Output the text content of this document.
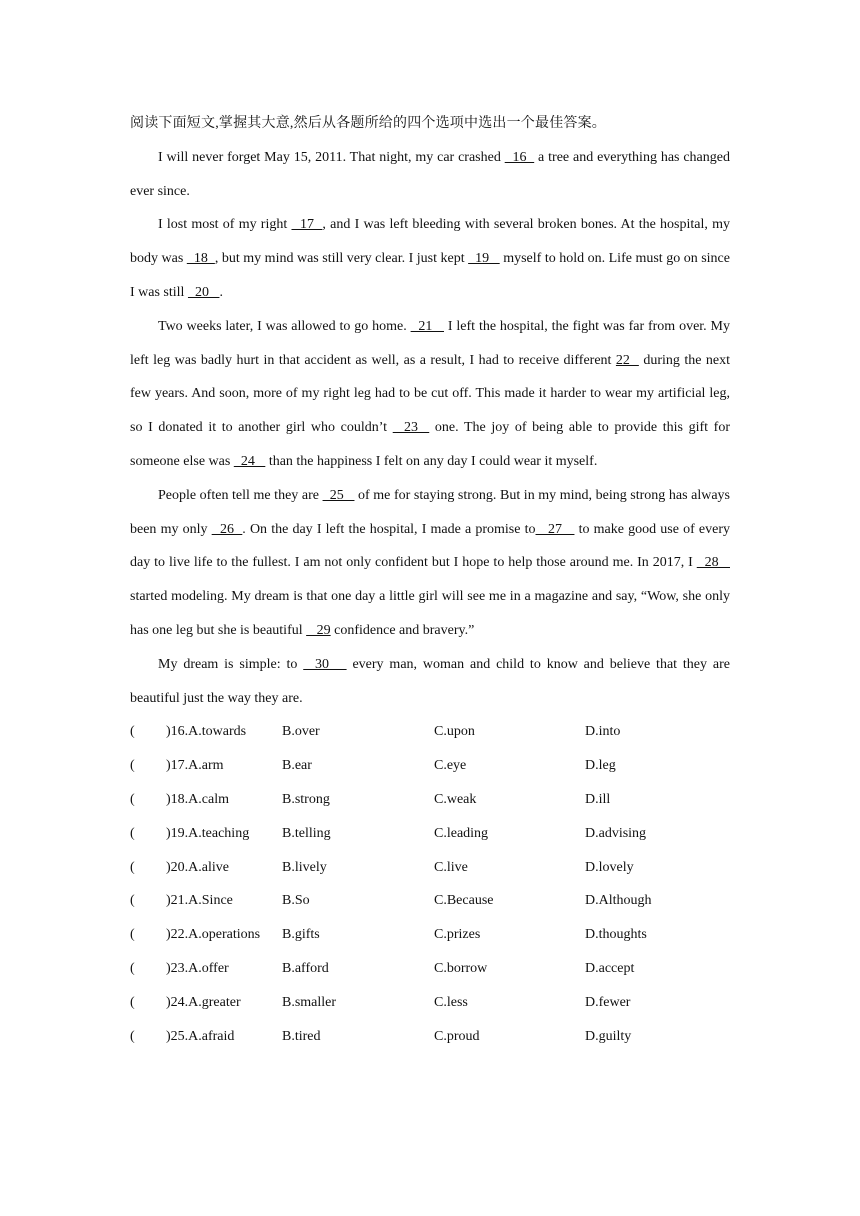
阅读下面短文,掌握其大意,然后从各题所给的四个选项中选出一个最佳答案。

I will never forget May 15, 2011. That night, my car crashed   16   a tree and everything has changed ever since.

I lost most of my right   17  , and I was left bleeding with several broken bones. At the hospital, my body was   18  , but my mind was still very clear. I just kept   19    myself to hold on. Life must go on since I was still   20   .

Two weeks later, I was allowed to go home.   21    I left the hospital, the fight was far from over. My left leg was badly hurt in that accident as well, as a result, I had to receive different 22   during the next few years. And soon, more of my right leg had to be cut off. This made it harder to wear my artificial leg, so I donated it to another girl who couldn’t   23   one. The joy of being able to provide this gift for someone else was   24    than the happiness I felt on any day I could wear it myself.

People often tell me they are   25    of me for staying strong. But in my mind, being strong has always been my only   26  . On the day I left the hospital, I made a promise to   27    to make good use of every day to live life to the fullest. I am not only confident but I hope to help those around me. In 2017, I   28    started modeling. My dream is that one day a little girl will see me in a magazine and say, “Wow, she only has one leg but she is beautiful    29 confidence and bravery.”

My dream is simple: to   30    every man, woman and child to know and believe that they are beautiful just the way they are.

( )16.A.towards	B.over	C.upon	D.into
( )17.A.arm	B.ear	C.eye	D.leg
( )18.A.calm	B.strong	C.weak	D.ill
( )19.A.teaching B.telling	C.leading	D.advising
( )20.A.alive	B.lively	C.live	D.lovely
( )21.A.Since	B.So	C.Because	D.Although
( )22.A.operations B.gifts	C.prizes	D.thoughts
( )23.A.offer	B.afford	C.borrow	D.accept
( )24.A.greater	B.smaller	C.less	D.fewer
( )25.A.afraid	B.tired	C.proud	D.guilty
